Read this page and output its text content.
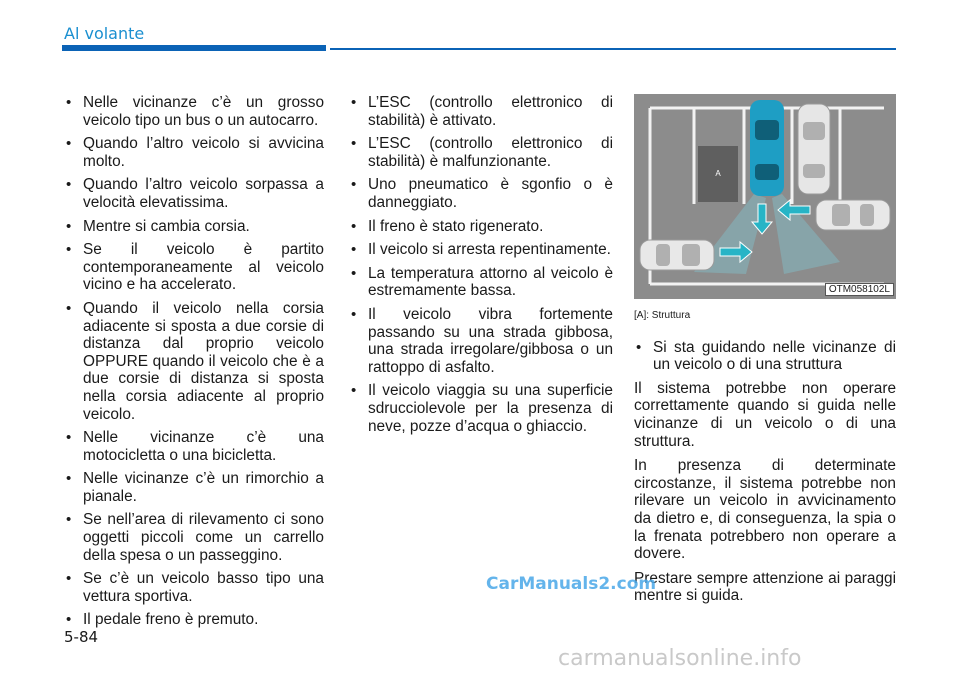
Al volante
• Nelle vicinanze c’è un grosso veicolo tipo un bus o un autocarro.
• Quando l’altro veicolo si avvicina molto.
• Quando l’altro veicolo sorpassa a velocità elevatissima.
• Mentre si cambia corsia.
• Se il veicolo è partito contemporaneamente al veicolo vicino e ha accelerato.
• Quando il veicolo nella corsia adiacente si sposta a due corsie di distanza dal proprio veicolo OPPURE quando il veicolo che è a due corsie di distanza si sposta nella corsia adiacente al proprio veicolo.
• Nelle vicinanze c’è una motocicletta o una bicicletta.
• Nelle vicinanze c’è un rimorchio a pianale.
• Se nell’area di rilevamento ci sono oggetti piccoli come un carrello della spesa o un passeggino.
• Se c’è un veicolo basso tipo una vettura sportiva.
• Il pedale freno è premuto.
• L’ESC (controllo elettronico di stabilità) è attivato.
• L’ESC (controllo elettronico di stabilità) è malfunzionante.
• Uno pneumatico è sgonfio o è danneggiato.
• Il freno è stato rigenerato.
• Il veicolo si arresta repentinamente.
• La temperatura attorno al veicolo è estremamente bassa.
• Il veicolo vibra fortemente passando su una strada gibbosa, una strada irregolare/gibbosa o un rattoppo di asfalto.
• Il veicolo viaggia su una superficie sdrucciolevole per la presenza di neve, pozze d’acqua o ghiaccio.
A
OTM058102L
[A]: Struttura
• Si sta guidando nelle vicinanze di un veicolo o di una struttura

Il sistema potrebbe non operare correttamente quando si guida nelle vicinanze di un veicolo o di una struttura.

In presenza di determinate circostanze, il sistema potrebbe non rilevare un veicolo in avvicinamento da dietro e, di conseguenza, la spia o la frenata potrebbero non operare a dovere.

Prestare sempre attenzione ai paraggi mentre si guida.

CarManuals2.com
5-84
carmanualsonline.info
